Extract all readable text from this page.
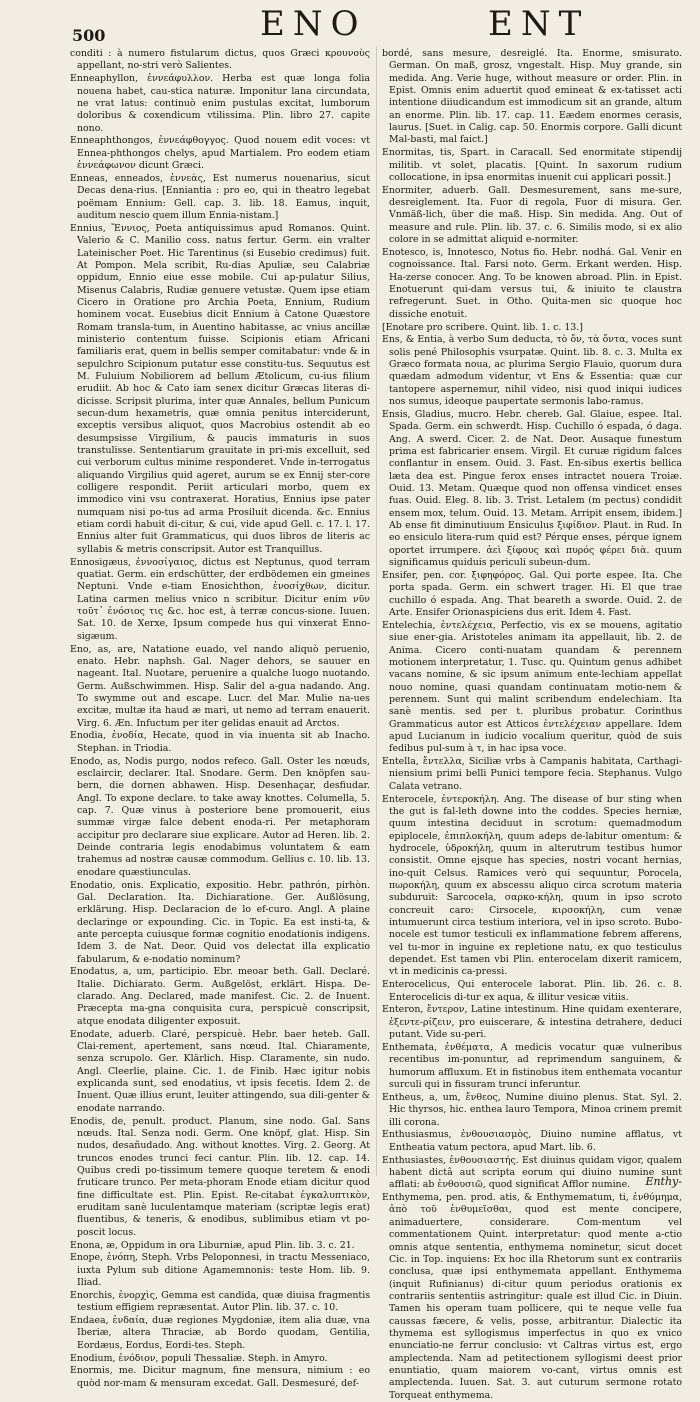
500	ENO	ENT

conditi : à numero fistularum dictus, quos Græci κρουνοὺς appellant, no-stri verò Salientes.

Enneaphyllon, ἐννεάφυλλον. Herba est quæ longa folia nouena habet, cau-stica naturæ. Imponitur lana circundata, ne vrat latus: continuò enim pustulas excitat, lumborum doloribus & coxendicum vtilissima. Plin. libro 27. capite nono.

Enneaphthongos, ἐννεάφθογγος. Quod nouem edit voces: vt Ennea-phthongos chelys, apud Martialem. Pro eodem etiam ἐννεάφωνον dicunt Græci.

Enneas, enneados, ἐννεὰς, Est numerus nouenarius, sicut Decas dena-rius. [Enniantia : pro eo, qui in theatro legebat poëmam Ennium: Gell. cap. 3. lib. 18. Eamus, inquit, auditum nescio quem illum Ennia-nistam.]

Ennius, Ἔννιος, Poeta antiquissimus apud Romanos. Quint. Valerio & C. Manilio coss. natus fertur. Germ. ein vralter Lateinischer Poet. Hic Tarentinus (si Eusebio credimus) fuit. At Pompon. Mela scribit, Ru-dias Apuliæ, seu Calabriæ oppidum, Ennio eiue esse mobile. Cui ap-pulatur Silius, Misenus Calabris, Rudiæ genuere vetustæ. Quem ipse etiam Cicero in Oratione pro Archia Poeta, Ennium, Rudium hominem vocat. Eusebius dicit Ennium à Catone Quæstore Romam transla-tum, in Auentino habitasse, ac vnius ancillæ ministerio contentum fuisse. Scipionis etiam Africani familiaris erat, quem in bellis semper comitabatur: vnde & in sepulchro Scipionum putatur esse constitu-tus. Sequutus est M. Fuluium Nobiliorem ad bellum Ætolicum, cu-ius filium erudiit. Ab hoc & Cato iam senex dicitur Græcas literas di-dicisse. Scripsit plurima, inter quæ Annales, bellum Punicum secun-dum hexametris, quæ omnia penitus interciderunt, exceptis versibus aliquot, quos Macrobius ostendit ab eo desumpsisse Virgilium, & paucis immaturis in suos transtulisse. Sententiarum grauitate in pri-mis excelluit, sed cui verborum cultus minime responderet. Vnde in-terrogatus aliquando Virgilius quid ageret, aurum se ex Ennij ster-core colligere respondit. Periit articulari morbo, quem ex immodico vini vsu contraxerat. Horatius, Ennius ipse pater numquam nisi po-tus ad arma Prosiluit dicenda. &c. Ennius etiam cordi habuit di-citur, & cui, vide apud Gell. c. 17. l. 17. Ennius alter fuit Grammaticus, qui duos libros de literis ac syllabis & metris conscripsit. Autor est Tranquillus.

Ennosigæus, ἐννοσίγαιος, dictus est Neptunus, quod terram quatiat. Germ. ein erdschütter, der erdbödemen ein gmeines Neptuni. Vnde e-tiam Enosichthon, ἐνοσίχθων, dicitur. Latina carmen melius vnico n scribitur. Dicitur enim νῦν τοῦτ᾽ ἐνόσιος τις &c. hoc est, à terræ concus-sione. Iuuen. Sat. 10. de Xerxe, Ipsum compede hus qui vinxerat Enno-sigæum.

Eno, as, are, Natatione euado, vel nando aliquò peruenio, enato. Hebr. naphsh. Gal. Nager dehors, se sauuer en nageant. Ital. Nuotare, peruenire a qualche luogo nuotando. Germ. Außschwimmen. Hisp. Salir del a-gua nadando. Ang. To swymme out and escape. Lucr. del Mar. Mulie na-ues excitæ, multæ ita haud æ mari, ut nemo ad terram enauerit. Virg. 6. Æn. Infuctum per iter gelidas enauit ad Arctos.

Enodia, ἐνοδία, Hecate, quod in via inuenta sit ab Inacho. Stephan. in Triodia.

Enodo, as, Nodis purgo, nodos refeco. Gall. Oster les nœuds, esclaircir, declarer. Ital. Snodare. Germ. Den knöpfen sau-bern, die dornen abhawen. Hisp. Desenhaçar, desfiudar. Angl. To expone declare. to take away knottes. Columella, 5. cap. 7. Quæ vinus à posteriore bene promouerit, eius summæ virgæ falce debent enoda-ri. Per metaphoram accipitur pro declarare siue explicare. Autor ad Heren. lib. 2. Deinde contraria legis enodabimus voluntatem & eam trahemus ad nostræ causæ commodum. Gellius c. 10. lib. 13. enodare quæstiunculas.

Enodatio, onis. Explicatio, expositio. Hebr. pathrón, pirhòn. Gal. Declaration. Ita. Dichiaratione. Ger. Außlösung, erklärung. Hisp. Declaracion de lo ef-curo. Angl. A plaine declaringe or expounding. Cic. in Topic. Ea est insti-ta, & ante percepta cuiusque formæ cognitio enodationis indigens. Idem 3. de Nat. Deor. Quid vos delectat illa explicatio fabularum, & e-nodatio nominum?

Enodatus, a, um, participio. Ebr. meoar beth. Gall. Declaré. Italie. Dichiarato. Germ. Außgelöst, erklärt. Hispa. De-clarado. Ang. Declared, made manifest. Cic. 2. de Inuent. Præcepta ma-gna conquisita cura, perspicuè conscripsit, atque enodata diligenter exposuit.

Enodate, aduerb. Claré, perspicuè. Hebr. baer heteb. Gall. Clai-rement, apertement, sans nœud. Ital. Chiaramente, senza scrupolo. Ger. Klärlich. Hisp. Claramente, sin nudo. Angl. Cleerlie, plaine. Cic. 1. de Finib. Hæc igitur nobis explicanda sunt, sed enodatius, vt ipsis fecetis. Idem 2. de Inuent. Quæ illius erunt, leuiter attingendo, sua dili-genter & enodate narrando.

Enodis, de, penult. product. Planum, sine nodo. Gal. Sans nœuds. Ital. Senza nodi. Germ. One knöpf, glat. Hisp. Sin nudos, desañudado. Ang. without knottes. Virg. 2. Georg. At truncos enodes trunci feci cantur. Plin. lib. 12. cap. 14. Quibus credi po-tissimum temere quoque teretem & enodi fruticare trunco. Per meta-phoram Enode etiam dicitur quod fine difficultate est. Plin. Epist. Re-citabat ἐγκαλυπτικὸν, eruditam sanè luculentamque materiam (scriptæ legis erat) fluentibus, & teneris, & enodibus, sublimibus etiam vt po-poscit locus.

Enona, æ, Oppidum in ora Liburniæ, apud Plin. lib. 3. c. 21.

Enope, ἐνόπη, Steph. Vrbs Peloponnesi, in tractu Messeniaco, iuxta Pylum sub ditione Agamemnonis: teste Hom. lib. 9. Iliad.

Enorchis, ἐνορχὶς, Gemma est candida, quæ diuisa fragmentis testium effigiem repræsentat. Autor Plin. lib. 37. c. 10.

Endaea, ἐνδαία, duæ regiones Mygdoniæ, item alia duæ, vna Iberiæ, altera Thraciæ, ab Bordo quodam, Gentilia, Eordæus, Eordus, Eordi-tes. Steph.

Enodium, ἐνόδιον, populi Thessaliæ. Steph. in Amyro.

Enormis, me. Dicitur magnum, fine mensura, nimium : eo quòd nor-mam & mensuram excedat. Gall. Desmesuré, def-

bordé, sans mesure, desreiglé. Ita. Enorme, smisurato. German. On maß, grosz, vngestalt. Hisp. Muy grande, sin medida. Ang. Verie huge, without measure or order. Plin. in Epist. Omnis enim aduertit quod emineat & ex-tatisset acti intentione diiudicandum est immodicum sit an grande, altum an enorme. Plin. lib. 17. cap. 11. Eædem enormes cerasis, laurus. [Suet. in Calig. cap. 50. Enormis corpore. Galli dicunt Mal-basti, mal faict.]

Enormitas, tis, Spart. in Caracall. Sed enormitate stipendij militib. vt solet, placatis. [Quint. In saxorum rudium collocatione, in ipsa enormitas inuenit cui applicari possit.]

Enormiter, aduerb. Gall. Desmesurement, sans me-sure, desreiglement. Ita. Fuor di regola, Fuor di misura. Ger. Vnmäß-lich, über die maß. Hisp. Sin medida. Ang. Out of measure and rule. Plin. lib. 37. c. 6. Similis modo, si ex alio colore in se admittat aliquid e-normiter.

Enotesco, is, Innotesco, Notus fio. Hebr. nodhá. Gal. Venir en cognoissance. Ital. Farsi noto. Germ. Erkant werden. Hisp. Ha-zerse conocer. Ang. To be knowen abroad. Plin. in Epist. Enotuerunt qui-dam versus tui, & iniuito te claustra refregerunt. Suet. in Otho. Quita-men sic quoque hoc dissiche enotuit.

[Enotare pro scribere. Quint. lib. 1. c. 13.]

Ens, & Entia, à verbo Sum deducta, τὸ ὄν, τὰ ὄντα, voces sunt solis pené Philosophis vsurpatæ. Quint. lib. 8. c. 3. Multa ex Græco formata noua, ac plurima Sergio Flauio, quorum dura quædam admodum videntur, vt Ens & Essentia: quæ cur tantopere aspernemur, nihil video, nisi quod iniqui iudices nos sumus, ideoque paupertate sermonis labo-ramus.

Ensis, Gladius, mucro. Hebr. chereb. Gal. Glaiue, espee. Ital. Spada. Germ. ein schwerdt. Hisp. Cuchillo ó espada, ó daga. Ang. A swerd. Cicer. 2. de Nat. Deor. Ausaque funestum prima est fabricarier ensem. Virgil. Et curuæ rigidum falces conflantur in ensem. Ouid. 3. Fast. En-sibus exertis bellica læta dea est. Pingue ferox enses intractet nouera Troiæ. Ouid. 13. Metam. Quæque quod non offensa vindicet enses fuas. Ouid. Eleg. 8. lib. 3. Trist. Letalem (m pectus) condidit ensem mox, telum. Ouid. 13. Metam. Arripit ensem, ibidem.] Ab ense fit diminutiuum Ensiculus ξιφίδιον. Plaut. in Rud. In eo ensiculo litera-rum quid est? Pérque enses, pérque ignem oportet irrumpere. ἀεὶ ξίφους καὶ πυρός φέρει διὰ. quum significamus quiduis periculi subeun-dum.

Ensifer, pen. cor. ξιφηφόρος. Gal. Qui porte espee. Ita. Che porta spada. Germ. ein schwert trager. Hi. El que trae cuchillo ó espada. Ang. That beareth a sworde. Ouid. 2. de Arte. Ensifer Orionaspiciens dus erit. Idem 4. Fast.

Entelechia, ἐντελέχεια, Perfectio, vis ex se mouens, agitatio siue ener-gia. Aristoteles animam ita appellauit, lib. 2. de Anima. Cicero conti-nuatam quandam & perennem motionem interpretatur, 1. Tusc. qu. Quintum genus adhibet vacans nomine, & sic ipsum animum ente-lechiam appellat nouo nomine, quasi quandam continuatam motio-nem & perennem. Sunt qui malint scribendum endelechiam. Ita sanè mentis. sed per t. pluribus probatur. Corinthus Grammaticus autor est Atticos ἐντελέχειαν appellare. Idem apud Lucianum in iudicio vocalium queritur, quòd de suis fedibus pul-sum à τ, in hac ipsa voce.

Entella, ἔντελλα, Siciliæ vrbs à Campanis habitata, Carthagi-niensium primi belli Punici tempore fecia. Stephanus. Vulgo Calata vetrano.

Enterocele, ἐντεροκήλη. Ang. The disease of bur sting when the gut is fal-leth downe into the coddes. Species herniæ, quum intestina deciduut in scrotum: quemadmodum epiplocele, ἐπιπλοκήλη, quum adeps de-labitur omentum: & hydrocele, ὑδροκήλη, quum in alterutrum testibus humor consistit. Omne ejsque has species, nostri vocant hernias, ino-quit Celsus. Ramices verò qui sequuntur, Porocela, πωροκήλη, quum ex abscessu aliquo circa scrotum materia subduruit: Sarcocela, σαρκο-κήλη, quum in ipso scroto concreuit caro: Cirsocele, κιρσοκήλη, cum venæ intumuerunt circa testium interiora, vel in ipso scroto. Bubo-nocele est tumor testiculi ex inflammatione febrem afferens, vel tu-mor in inguine ex repletione natu, ex quo testiculus dependet. Est tamen vbi Plin. enterocelam dixerit ramicem, vt in medicinis ca-pressi.

Enterocelicus, Qui enterocele laborat. Plin. lib. 26. c. 8. Enterocelicis di-tur ex aqua, & illitur vesicæ vitiis.

Enteron, ἔντερον, Latine intestinum. Hine quidam exenterare, ἐξεντε-ρίζειν, pro euiscerare, & intestina detrahere, deduci putant. Vide su-peri.

Enthemata, ἐνθέματα, A medicis vocatur quæ vulneribus recentibus im-ponuntur, ad reprimendum sanguinem, & humorum affluxum. Et in fistinobus item enthemata vocantur surculi qui in fissuram trunci inferuntur.

Entheus, a, um, ἔνθεος, Numine diuino plenus. Stat. Syl. 2. Hic thyrsos, hic. enthea lauro Tempora, Minoa crinem premit illi corona.

Enthusiasmus, ἐνθουσιασμὸς, Diuino numine afflatus, vt Entheatia vatum pectora, apud Mart. lib. 6.

Enthusiastes, ἐνθουσιαστής. Est diuinus quidam vigor, qualem habent dictâ aut scripta eorum qui diuino numine sunt afflati: ab ἐνθουσιῶ, quod significat Afflor numine.

Enthymema, pen. prod. atis, & Enthymematum, ti, ἐνθύμημα, ἀπὸ τοῦ ἐνθυμεῖσθαι, quod est mente concipere, animaduertere, considerare. Com-mentum vel commentationem Quint. interpretatur: quod mente a-ctio omnis atque sententia, enthymema nominetur, sicut docet Cic. in Top. inquiens: Ex hoc illa Rhetorum sunt ex contrariis conclusa, quæ ipsi enthymemata appellant. Enthymema (inquit Rufinianus) di-citur quum periodus orationis ex contrariis sententiis astringitur: quale est illud Cic. in Diuin. Tamen his operam tuam pollicere, qui te neque velle fua caussas fæcere, & velis, posse, arbitrantur. Dialectic ita thymema est syllogismus imperfectus in quo ex vnico enunciatio-ne ferrur conclusio: vt Caltras virtus est, ergo amplectenda. Nam ad petitectionem syllogismi deest prior enuntiatio, quam maiorem vo-cant, virtus omnis est amplectenda. Iuuen. Sat. 3. aut cuturum sermone rotato Torqueat enthymema.

Enthy-
